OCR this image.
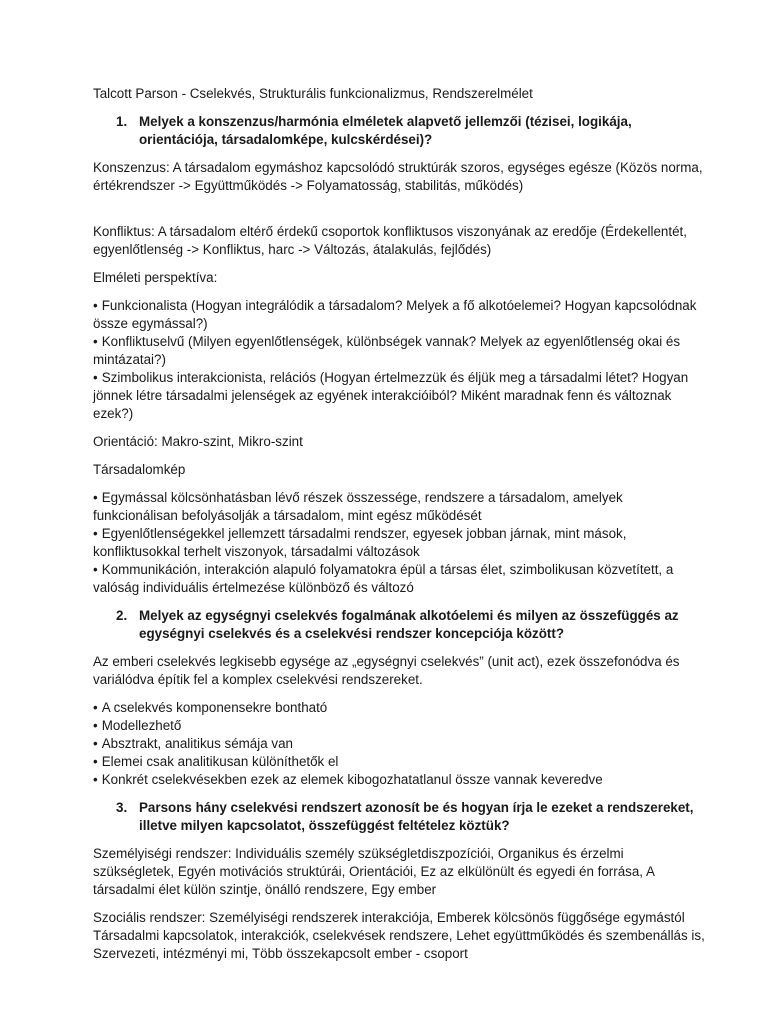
Talcott Parson - Cselekvés, Strukturális funkcionalizmus, Rendszerelmélet

1. Melyek a konszenzus/harmónia elméletek alapvető jellemzői (tézisei, logikája, orientációja, társadalomképe, kulcskérdései)?

Konszenzus: A társadalom egymáshoz kapcsolódó struktúrák szoros, egységes egésze (Közös norma, értékrendszer -> Együttműködés -> Folyamatosság, stabilitás, működés)

Konfliktus: A társadalom eltérő érdekű csoportok konfliktusos viszonyának az eredője (Érdekellentét, egyenlőtlenség -> Konfliktus, harc -> Változás, átalakulás, fejlődés)

Elméleti perspektíva:

• Funkcionalista (Hogyan integrálódik a társadalom? Melyek a fő alkotóelemei? Hogyan kapcsolódnak össze egymással?)
• Konfliktuselvű (Milyen egyenlőtlenségek, különbségek vannak? Melyek az egyenlőtlenség okai és mintázatai?)
• Szimbolikus interakcionista, relációs (Hogyan értelmezzük és éljük meg a társadalmi létet? Hogyan jönnek létre társadalmi jelenségek az egyének interakcióiból? Miként maradnak fenn és változnak ezek?)

Orientáció: Makro-szint, Mikro-szint

Társadalomkép

• Egymással kölcsönhatásban lévő részek összessége, rendszere a társadalom, amelyek funkcionálisan befolyásolják a társadalom, mint egész működését
• Egyenlőtlenségekkel jellemzett társadalmi rendszer, egyesek jobban járnak, mint mások, konfliktusokkal terhelt viszonyok, társadalmi változások
• Kommunikáción, interakción alapuló folyamatokra épül a társas élet, szimbolikusan közvetített, a valóság individuális értelmezése különböző és változó
2. Melyek az egységnyi cselekvés fogalmának alkotóelemi és milyen az összefüggés az egységnyi cselekvés és a cselekvési rendszer koncepciója között?

Az emberi cselekvés legkisebb egysége az „egységnyi cselekvés” (unit act), ezek összefonódva és variálódva építik fel a komplex cselekvési rendszereket.

• A cselekvés komponensekre bontható
• Modellezhető
• Absztrakt, analitikus sémája van
• Elemei csak analitikusan különíthetők el
• Konkrét cselekvésekben ezek az elemek kibogozhatatlanul össze vannak keveredve
3. Parsons hány cselekvési rendszert azonosít be és hogyan írja le ezeket a rendszereket, illetve milyen kapcsolatot, összefüggést feltételez köztük?

Személyiségi rendszer: Individuális személy szükségletdiszpozíciói, Organikus és érzelmi szükségletek, Egyén motivációs struktúrái, Orientációi, Ez az elkülönült és egyedi én forrása, A társadalmi élet külön szintje, önálló rendszere, Egy ember

Szociális rendszer: Személyiségi rendszerek interakciója, Emberek kölcsönös függősége egymástól Társadalmi kapcsolatok, interakciók, cselekvések rendszere, Lehet együttműködés és szembenállás is, Szervezeti, intézményi mi, Több összekapcsolt ember - csoport
